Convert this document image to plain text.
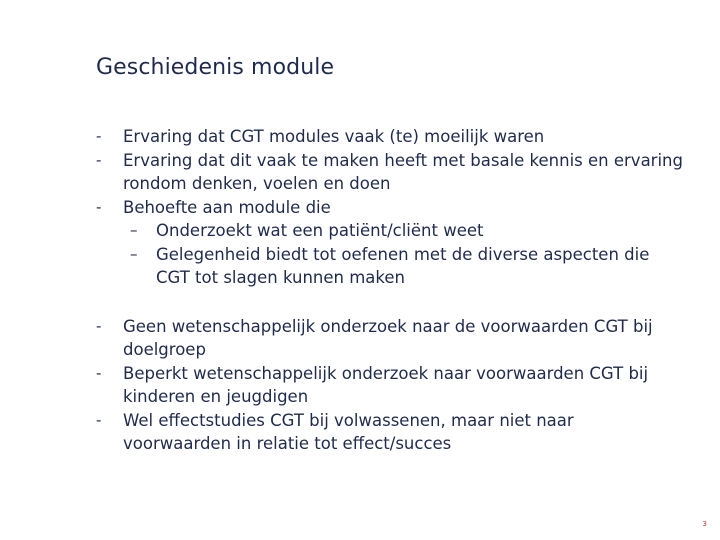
Geschiedenis module
- Ervaring dat CGT modules vaak (te) moeilijk waren
- Ervaring dat dit vaak te maken heeft met basale kennis en ervaring rondom denken, voelen en doen
- Behoefte aan module die
– Onderzoekt wat een patiënt/cliënt weet
– Gelegenheid biedt tot oefenen met de diverse aspecten die CGT tot slagen kunnen maken
- Geen wetenschappelijk onderzoek naar de voorwaarden CGT bij doelgroep
- Beperkt wetenschappelijk onderzoek naar voorwaarden CGT bij kinderen en jeugdigen
- Wel effectstudies CGT bij volwassenen, maar niet naar voorwaarden in relatie tot effect/succes
3
